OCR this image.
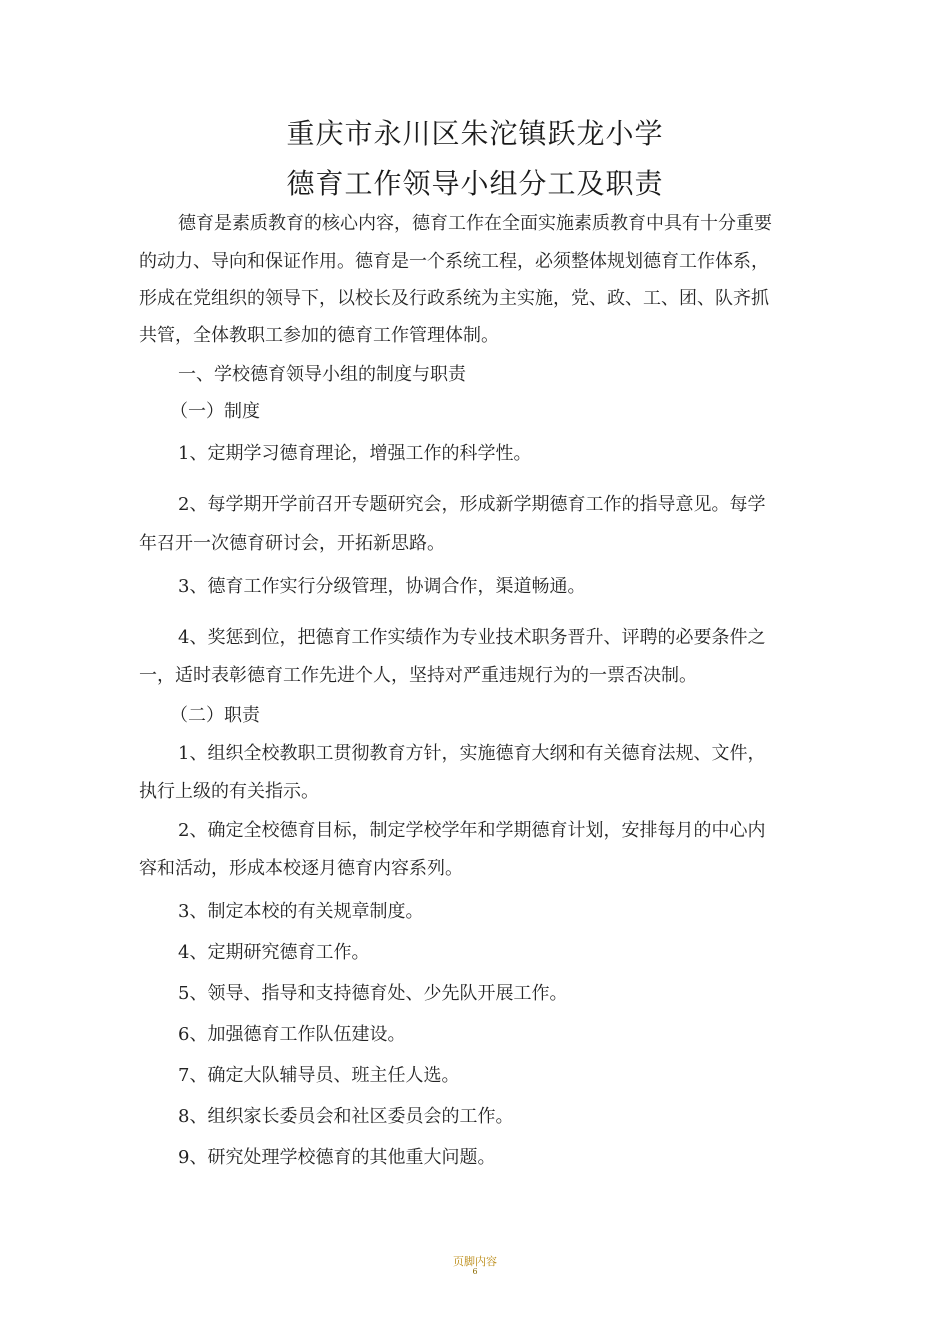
重庆市永川区朱沱镇跃龙小学
德育工作领导小组分工及职责
德育是素质教育的核心内容，德育工作在全面实施素质教育中具有十分重要
的动力、导向和保证作用。德育是一个系统工程，必须整体规划德育工作体系，
形成在党组织的领导下，以校长及行政系统为主实施，党、政、工、团、队齐抓
共管，全体教职工参加的德育工作管理体制。
一、学校德育领导小组的制度与职责
（一）制度
1、定期学习德育理论，增强工作的科学性。
2、每学期开学前召开专题研究会，形成新学期德育工作的指导意见。每学
年召开一次德育研讨会，开拓新思路。
3、德育工作实行分级管理，协调合作，渠道畅通。
4、奖惩到位，把德育工作实绩作为专业技术职务晋升、评聘的必要条件之
一，适时表彰德育工作先进个人，坚持对严重违规行为的一票否决制。
（二）职责
1、组织全校教职工贯彻教育方针，实施德育大纲和有关德育法规、文件，
执行上级的有关指示。
2、确定全校德育目标，制定学校学年和学期德育计划，安排每月的中心内
容和活动，形成本校逐月德育内容系列。
3、制定本校的有关规章制度。
4、定期研究德育工作。
5、领导、指导和支持德育处、少先队开展工作。
6、加强德育工作队伍建设。
7、确定大队辅导员、班主任人选。
8、组织家长委员会和社区委员会的工作。
9、研究处理学校德育的其他重大问题。
页脚内容
6
